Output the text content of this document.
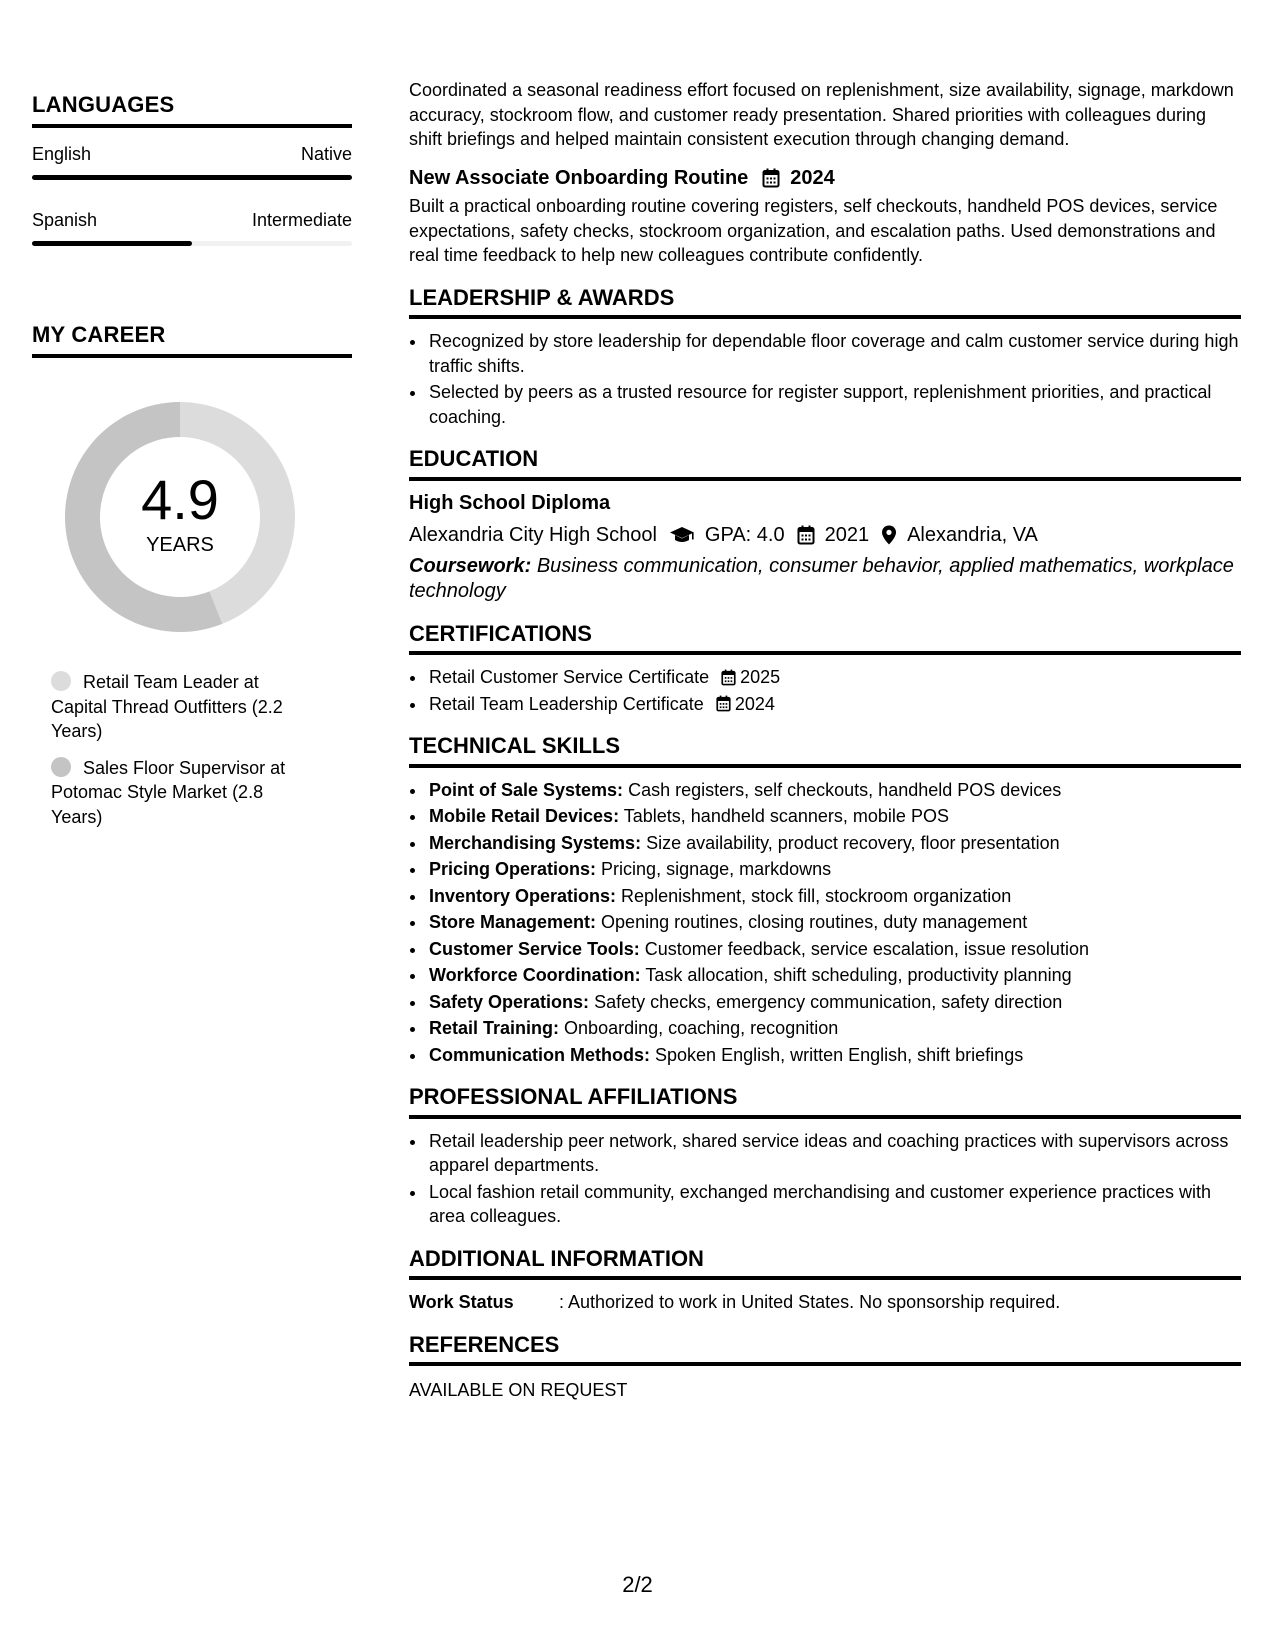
LANGUAGES
English	Native
Spanish	Intermediate
MY CAREER
4.9
YEARS
Retail Team Leader at Capital Thread Outfitters (2.2 Years)
Sales Floor Supervisor at Potomac Style Market (2.8 Years)

Coordinated a seasonal readiness effort focused on replenishment, size availability, signage, markdown accuracy, stockroom flow, and customer ready presentation. Shared priorities with colleagues during shift briefings and helped maintain consistent execution through changing demand.

New Associate Onboarding Routine 2024

Built a practical onboarding routine covering registers, self checkouts, handheld POS devices, service expectations, safety checks, stockroom organization, and escalation paths. Used demonstrations and real time feedback to help new colleagues contribute confidently.

LEADERSHIP & AWARDS
• Recognized by store leadership for dependable floor coverage and calm customer service during high traffic shifts.
• Selected by peers as a trusted resource for register support, replenishment priorities, and practical coaching.
EDUCATION
High School Diploma
Alexandria City High School GPA: 4.0 2021 Alexandria, VA
Coursework: Business communication, consumer behavior, applied mathematics, workplace technology
CERTIFICATIONS
• Retail Customer Service Certificate 2025
• Retail Team Leadership Certificate 2024
TECHNICAL SKILLS
• Point of Sale Systems: Cash registers, self checkouts, handheld POS devices
• Mobile Retail Devices: Tablets, handheld scanners, mobile POS
• Merchandising Systems: Size availability, product recovery, floor presentation
• Pricing Operations: Pricing, signage, markdowns
• Inventory Operations: Replenishment, stock fill, stockroom organization
• Store Management: Opening routines, closing routines, duty management
• Customer Service Tools: Customer feedback, service escalation, issue resolution
• Workforce Coordination: Task allocation, shift scheduling, productivity planning
• Safety Operations: Safety checks, emergency communication, safety direction
• Retail Training: Onboarding, coaching, recognition
• Communication Methods: Spoken English, written English, shift briefings
PROFESSIONAL AFFILIATIONS
• Retail leadership peer network, shared service ideas and coaching practices with supervisors across apparel departments.
• Local fashion retail community, exchanged merchandising and customer experience practices with area colleagues.
ADDITIONAL INFORMATION
Work Status	: Authorized to work in United States. No sponsorship required.
REFERENCES
AVAILABLE ON REQUEST
2/2
